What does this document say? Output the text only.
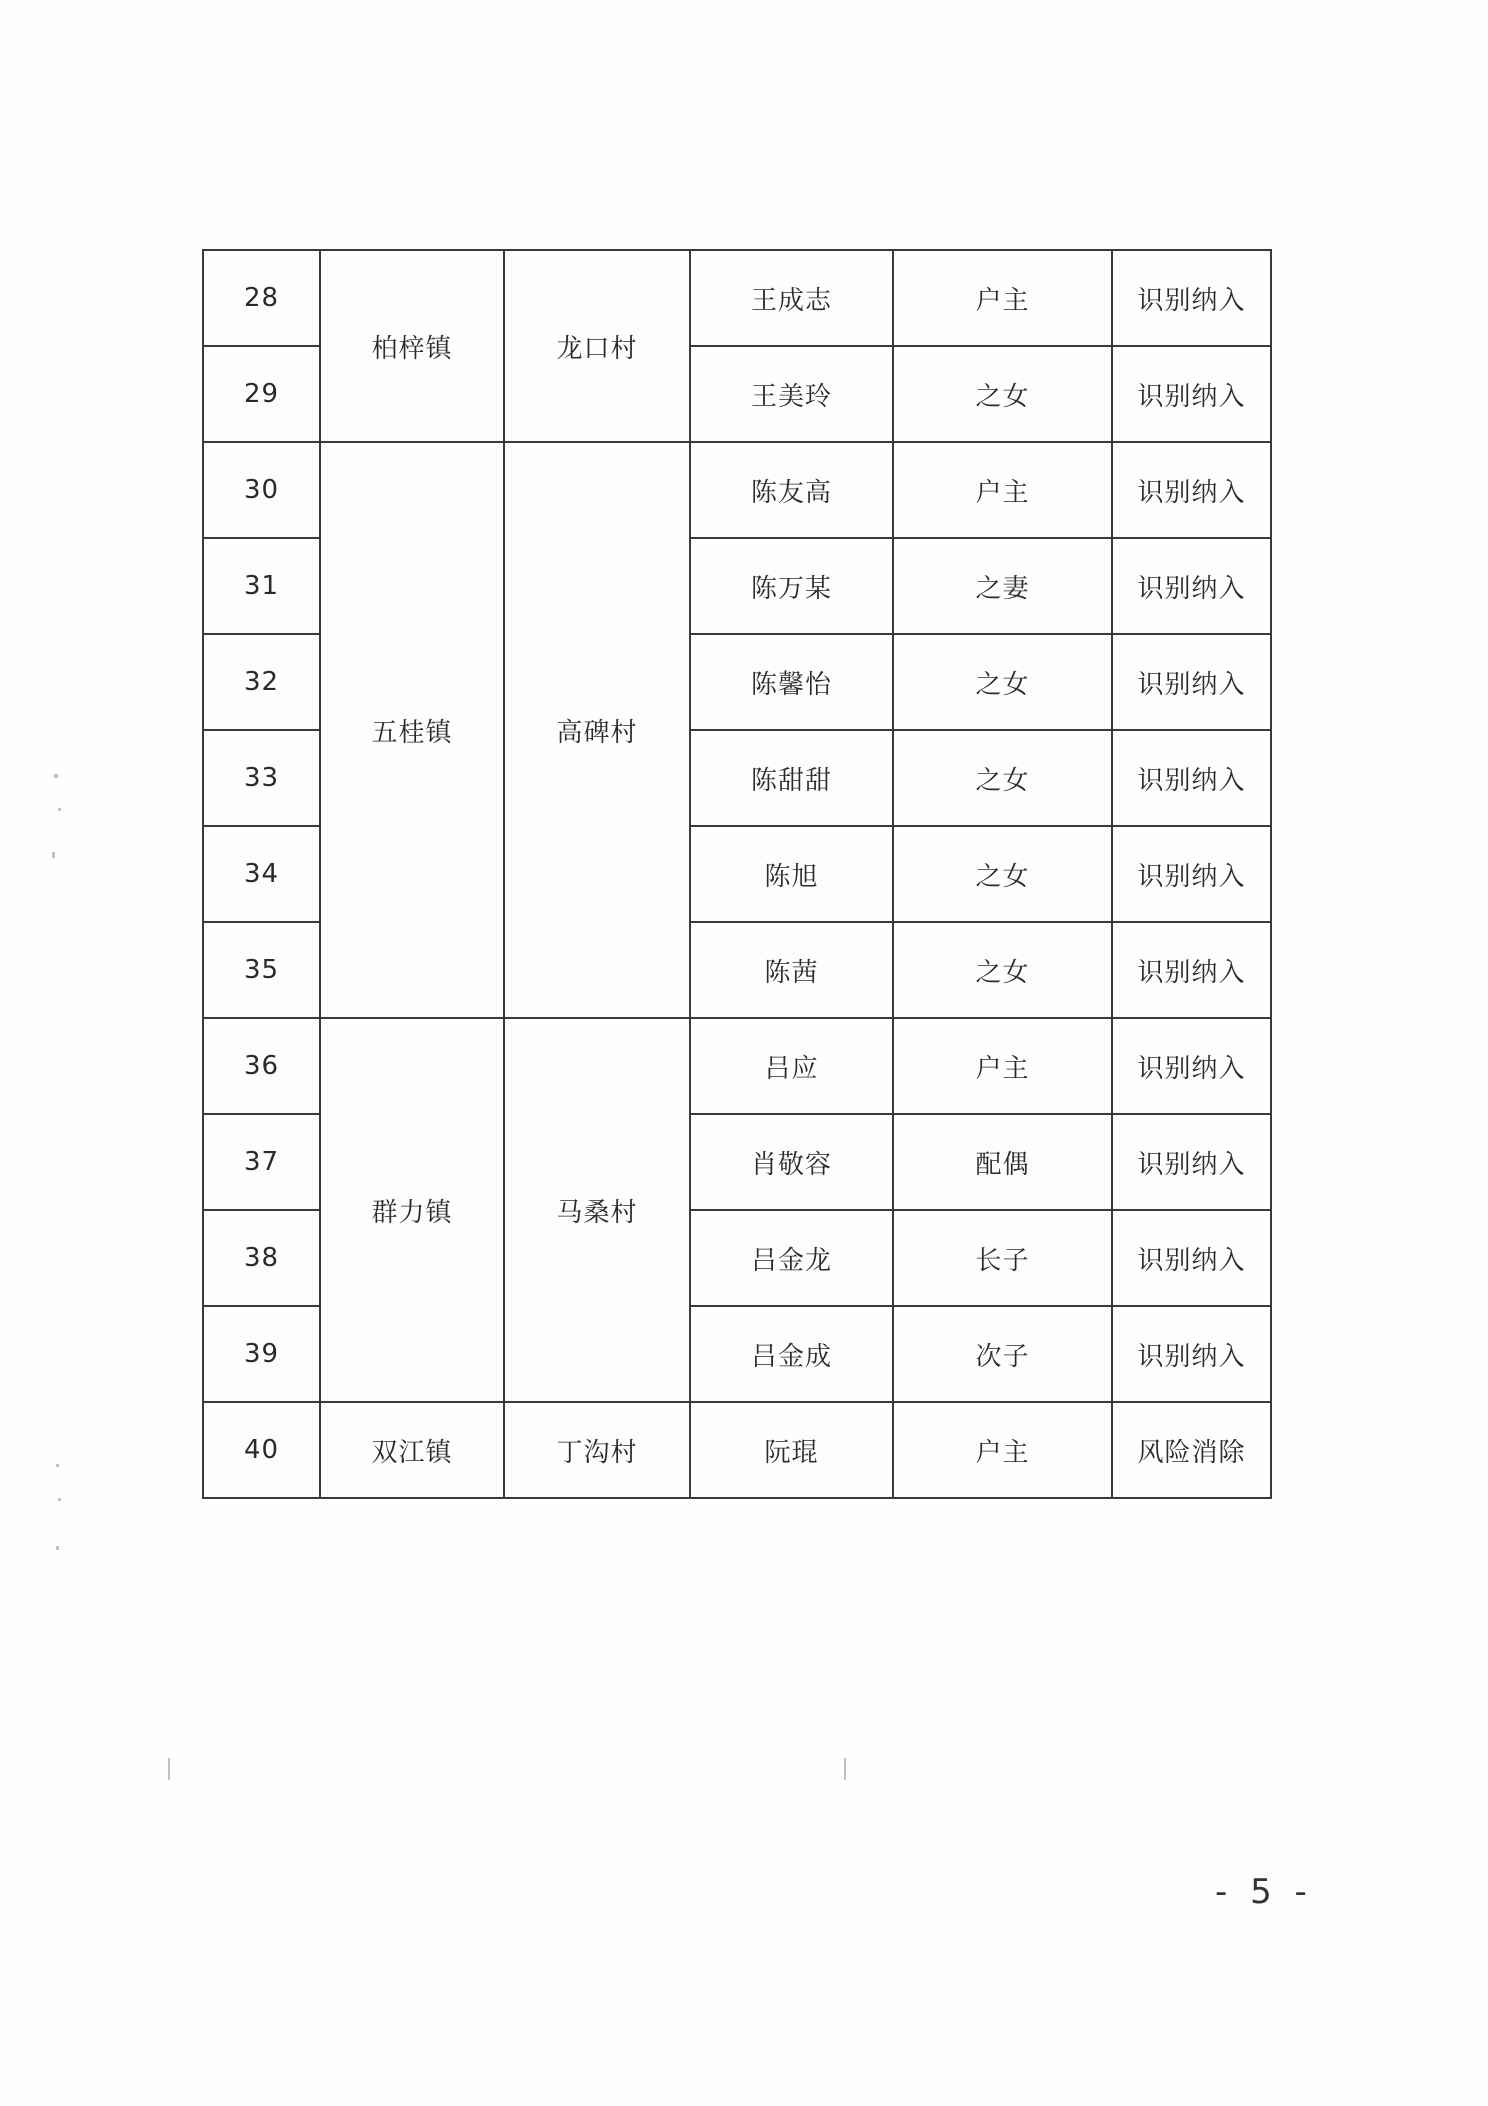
28	柏梓镇	龙口村	王成志	户主	识别纳入
29			王美玲	之女	识别纳入
30	五桂镇	高碑村	陈友高	户主	识别纳入
31			陈万某	之妻	识别纳入
32			陈馨怡	之女	识别纳入
33			陈甜甜	之女	识别纳入
34			陈旭	之女	识别纳入
35			陈茜	之女	识别纳入
36	群力镇	马桑村	吕应	户主	识别纳入
37			肖敬容	配偶	识别纳入
38			吕金龙	长子	识别纳入
39			吕金成	次子	识别纳入
40	双江镇	丁沟村	阮琨	户主	风险消除
- 5 -
